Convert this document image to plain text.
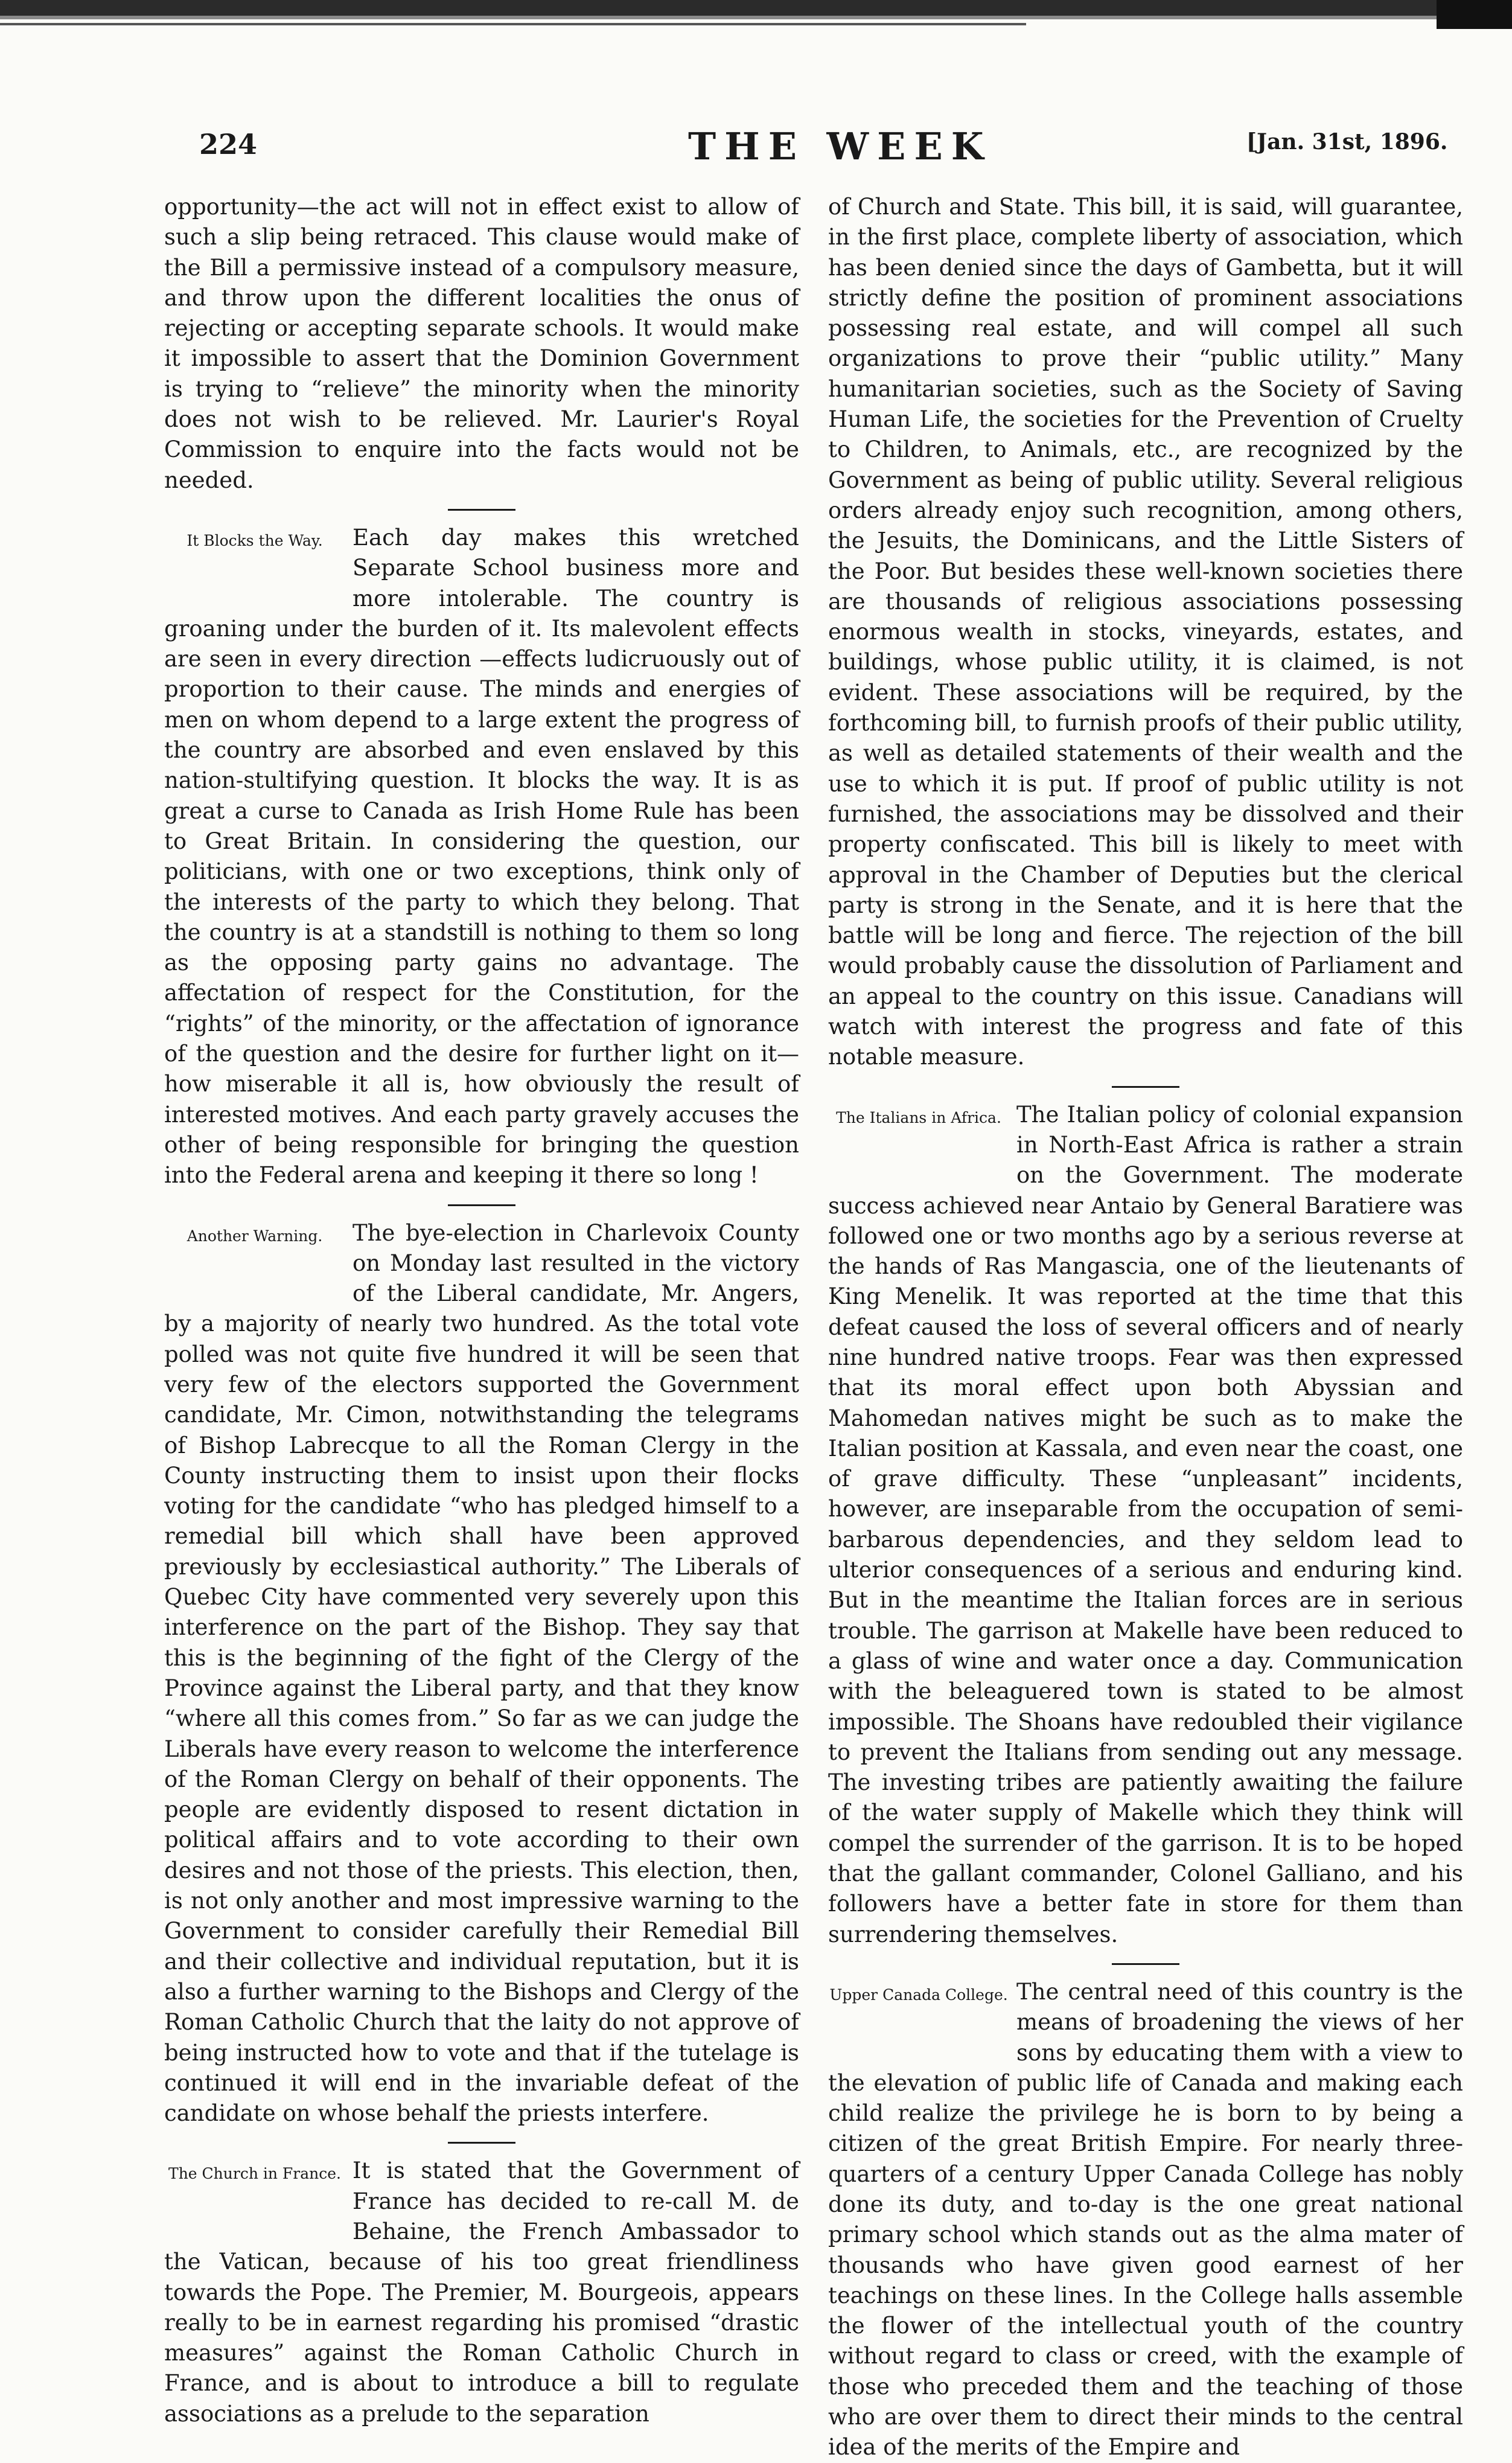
224	THE WEEK	[Jan. 31st, 1896.

opportunity—the act will not in effect exist to allow of such a slip being retraced. This clause would make of the Bill a permissive instead of a compulsory measure, and throw upon the different localities the onus of rejecting or accepting separate schools. It would make it impossible to assert that the Dominion Government is trying to “relieve” the minority when the minority does not wish to be relieved. Mr. Laurier's Royal Commission to enquire into the facts would not be needed.

It Blocks the Way.	Each day makes this wretched Separate School business more and more intolerable. The country is groaning under the burden of it. Its malevolent effects are seen in every direction —effects ludicruously out of proportion to their cause. The minds and energies of men on whom depend to a large extent the progress of the country are absorbed and even enslaved by this nation-stultifying question. It blocks the way. It is as great a curse to Canada as Irish Home Rule has been to Great Britain. In considering the question, our politicians, with one or two exceptions, think only of the interests of the party to which they belong. That the country is at a standstill is nothing to them so long as the opposing party gains no advantage. The affectation of respect for the Constitution, for the “rights” of the minority, or the affectation of ignorance of the question and the desire for further light on it—how miserable it all is, how obviously the result of interested motives. And each party gravely accuses the other of being responsible for bringing the question into the Federal arena and keeping it there so long !

Another Warning.	The bye-election in Charlevoix County on Monday last resulted in the victory of the Liberal candidate, Mr. Angers, by a majority of nearly two hundred. As the total vote polled was not quite five hundred it will be seen that very few of the electors supported the Government candidate, Mr. Cimon, notwithstanding the telegrams of Bishop Labrecque to all the Roman Clergy in the County instructing them to insist upon their flocks voting for the candidate “who has pledged himself to a remedial bill which shall have been approved previously by ecclesiastical authority.” The Liberals of Quebec City have commented very severely upon this interference on the part of the Bishop. They say that this is the beginning of the fight of the Clergy of the Province against the Liberal party, and that they know “where all this comes from.” So far as we can judge the Liberals have every reason to welcome the interference of the Roman Clergy on behalf of their opponents. The people are evidently disposed to resent dictation in political affairs and to vote according to their own desires and not those of the priests. This election, then, is not only another and most impressive warning to the Government to consider carefully their Remedial Bill and their collective and individual reputation, but it is also a further warning to the Bishops and Clergy of the Roman Catholic Church that the laity do not approve of being instructed how to vote and that if the tutelage is continued it will end in the invariable defeat of the candidate on whose behalf the priests interfere.

The Church in France. It is stated that the Government of France has decided to re-call M. de Behaine, the French Ambassador to the Vatican, because of his too great friendliness towards the Pope. The Premier, M. Bourgeois, appears really to be in earnest regarding his promised “drastic measures” against the Roman Catholic Church in France, and is about to introduce a bill to regulate associations as a prelude to the separation

of Church and State. This bill, it is said, will guarantee, in the first place, complete liberty of association, which has been denied since the days of Gambetta, but it will strictly define the position of prominent associations possessing real estate, and will compel all such organizations to prove their “public utility.” Many humanitarian societies, such as the Society of Saving Human Life, the societies for the Prevention of Cruelty to Children, to Animals, etc., are recognized by the Government as being of public utility. Several religious orders already enjoy such recognition, among others, the Jesuits, the Dominicans, and the Little Sisters of the Poor. But besides these well-known societies there are thousands of religious associations possessing enormous wealth in stocks, vineyards, estates, and buildings, whose public utility, it is claimed, is not evident. These associations will be required, by the forthcoming bill, to furnish proofs of their public utility, as well as detailed statements of their wealth and the use to which it is put. If proof of public utility is not furnished, the associations may be dissolved and their property confiscated. This bill is likely to meet with approval in the Chamber of Deputies but the clerical party is strong in the Senate, and it is here that the battle will be long and fierce. The rejection of the bill would probably cause the dissolution of Parliament and an appeal to the country on this issue. Canadians will watch with interest the progress and fate of this notable measure.

The Italians in Africa. The Italian policy of colonial expansion in North-East Africa is rather a strain on the Government. The moderate success achieved near Antaio by General Baratiere was followed one or two months ago by a serious reverse at the hands of Ras Mangascia, one of the lieutenants of King Menelik. It was reported at the time that this defeat caused the loss of several officers and of nearly nine hundred native troops. Fear was then expressed that its moral effect upon both Abyssian and Mahomedan natives might be such as to make the Italian position at Kassala, and even near the coast, one of grave difficulty. These “unpleasant” incidents, however, are inseparable from the occupation of semi-barbarous dependencies, and they seldom lead to ulterior consequences of a serious and enduring kind. But in the meantime the Italian forces are in serious trouble. The garrison at Makelle have been reduced to a glass of wine and water once a day. Communication with the beleaguered town is stated to be almost impossible. The Shoans have redoubled their vigilance to prevent the Italians from sending out any message. The investing tribes are patiently awaiting the failure of the water supply of Makelle which they think will compel the surrender of the garrison. It is to be hoped that the gallant commander, Colonel Galliano, and his followers have a better fate in store for them than surrendering themselves.

Upper Canada College. The central need of this country is the means of broadening the views of her sons by educating them with a view to the elevation of public life of Canada and making each child realize the privilege he is born to by being a citizen of the great British Empire. For nearly three-quarters of a century Upper Canada College has nobly done its duty, and to-day is the one great national primary school which stands out as the alma mater of thousands who have given good earnest of her teachings on these lines. In the College halls assemble the flower of the intellectual youth of the country without regard to class or creed, with the example of those who preceded them and the teaching of those who are over them to direct their minds to the central idea of the merits of the Empire and
